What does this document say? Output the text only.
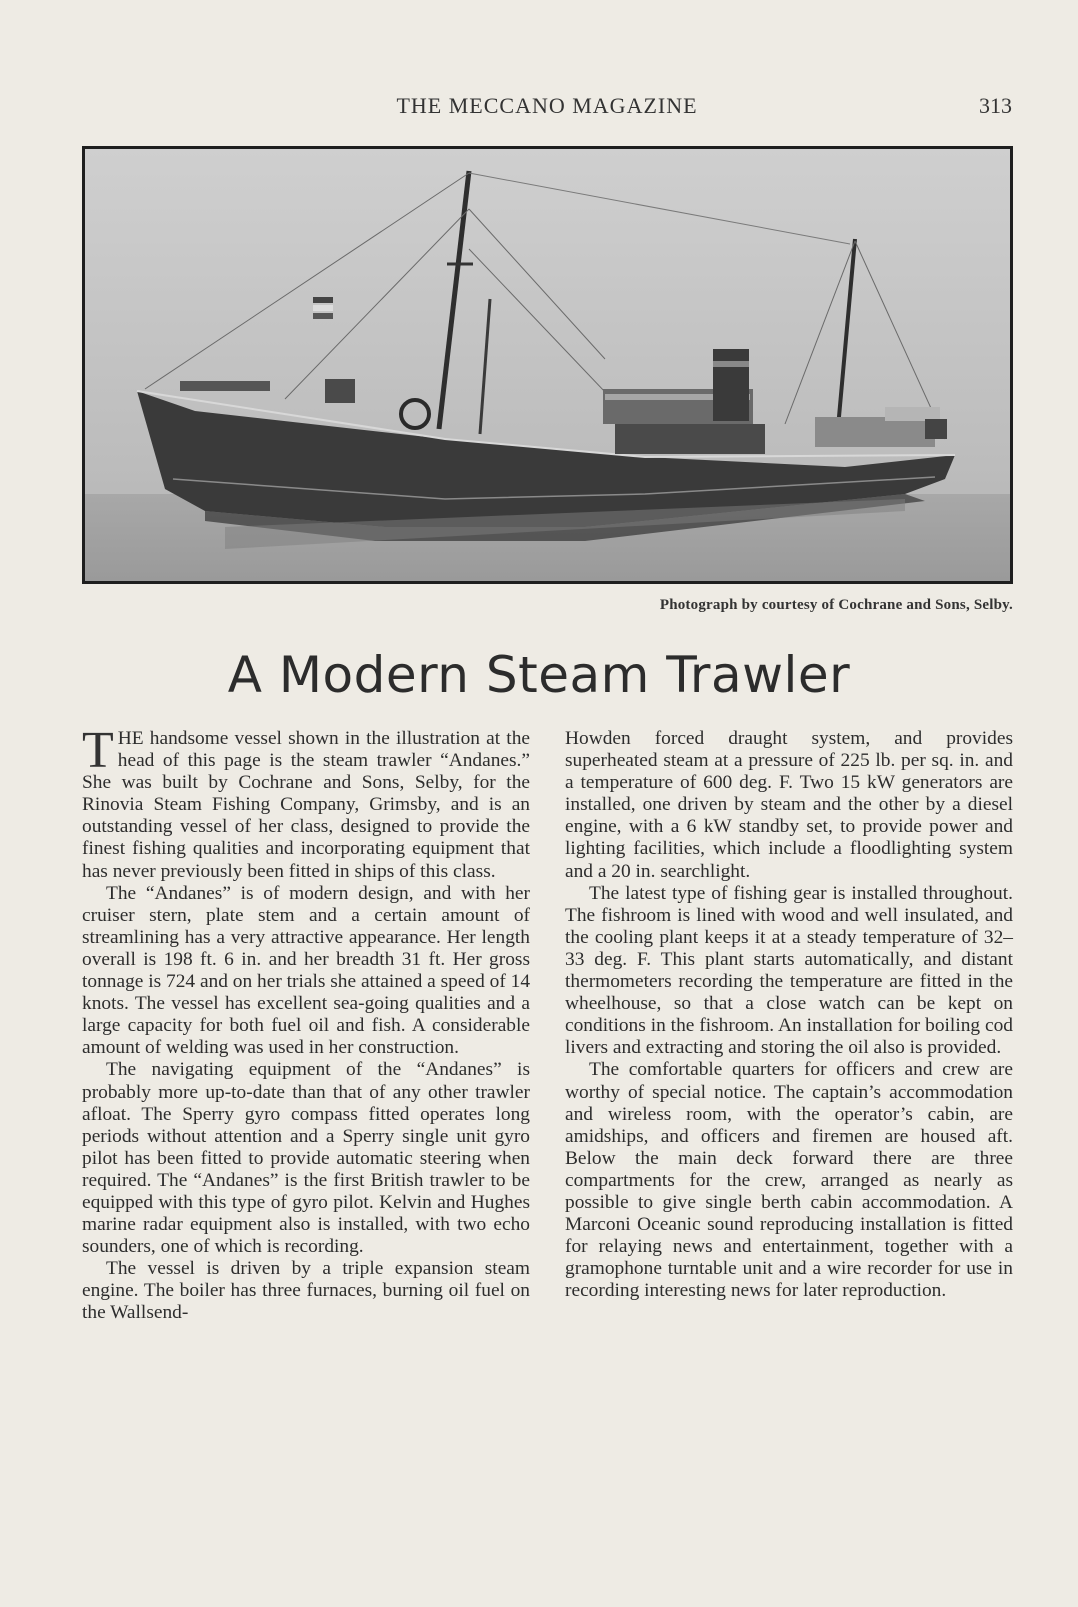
THE MECCANO MAGAZINE	313
Photograph by courtesy of Cochrane and Sons, Selby.
A Modern Steam Trawler

THE handsome vessel shown in the illustration at the head of this page is the steam trawler “Andanes.” She was built by Cochrane and Sons, Selby, for the Rinovia Steam Fishing Company, Grimsby, and is an outstanding vessel of her class, designed to provide the finest fishing qualities and incorporating equipment that has never previously been fitted in ships of this class.

The “Andanes” is of modern design, and with her cruiser stern, plate stem and a certain amount of streamlining has a very attractive appearance. Her length overall is 198 ft. 6 in. and her breadth 31 ft. Her gross tonnage is 724 and on her trials she attained a speed of 14 knots. The vessel has excellent sea-going qualities and a large capacity for both fuel oil and fish. A considerable amount of welding was used in her construction.

The navigating equipment of the “Andanes” is probably more up-to-date than that of any other trawler afloat. The Sperry gyro compass fitted operates long periods without attention and a Sperry single unit gyro pilot has been fitted to provide automatic steering when required. The “Andanes” is the first British trawler to be equipped with this type of gyro pilot. Kelvin and Hughes marine radar equipment also is installed, with two echo sounders, one of which is recording.

The vessel is driven by a triple expansion steam engine. The boiler has three furnaces, burning oil fuel on the Wallsend-

Howden forced draught system, and provides superheated steam at a pressure of 225 lb. per sq. in. and a temperature of 600 deg. F. Two 15 kW generators are installed, one driven by steam and the other by a diesel engine, with a 6 kW standby set, to provide power and lighting facilities, which include a floodlighting system and a 20 in. searchlight.

The latest type of fishing gear is installed throughout. The fishroom is lined with wood and well insulated, and the cooling plant keeps it at a steady temperature of 32–33 deg. F. This plant starts automatically, and distant thermometers recording the temperature are fitted in the wheelhouse, so that a close watch can be kept on conditions in the fishroom. An installation for boiling cod livers and extracting and storing the oil also is provided.

The comfortable quarters for officers and crew are worthy of special notice. The captain’s accommodation and wireless room, with the operator’s cabin, are amidships, and officers and firemen are housed aft. Below the main deck forward there are three compartments for the crew, arranged as nearly as possible to give single berth cabin accommodation. A Marconi Oceanic sound reproducing installation is fitted for relaying news and entertainment, together with a gramophone turntable unit and a wire recorder for use in recording interesting news for later reproduction.
